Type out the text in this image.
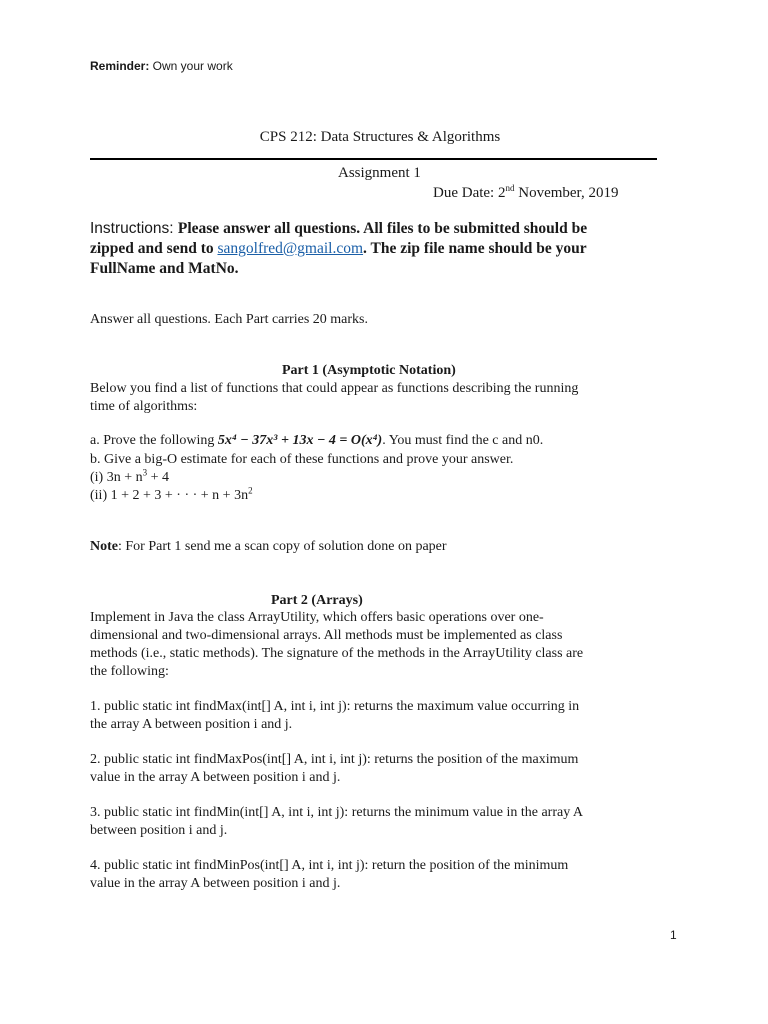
Reminder: Own your work
CPS 212: Data Structures & Algorithms
Assignment 1
Due Date: 2nd November, 2019
Instructions: Please answer all questions. All files to be submitted should be
zipped and send to sangolfred@gmail.com. The zip file name should be your
FullName and MatNo.
Answer all questions. Each Part carries 20 marks.
Part 1 (Asymptotic Notation)
Below you find a list of functions that could appear as functions describing the running
time of algorithms:
a. Prove the following 5x⁴ − 37x³ + 13x − 4 = O(x⁴). You must find the c and n0.
b. Give a big-O estimate for each of these functions and prove your answer.
(i) $3n + n^3 + 4$
(ii) 1 + 2 + 3 + · · · + $n + 3n^2$
Note: For Part 1 send me a scan copy of solution done on paper
Part 2 (Arrays)
Implement in Java the class ArrayUtility, which offers basic operations over one-
dimensional and two-dimensional arrays. All methods must be implemented as class
methods (i.e., static methods). The signature of the methods in the ArrayUtility class are
the following:
1. public static int findMax(int[] A, int i, int j): returns the maximum value occurring in
the array A between position i and j.
2. public static int findMaxPos(int[] A, int i, int j): returns the position of the maximum
value in the array A between position i and j.
3. public static int findMin(int[] A, int i, int j): returns the minimum value in the array A
between position i and j.
4. public static int findMinPos(int[] A, int i, int j): return the position of the minimum
value in the array A between position i and j.
1
